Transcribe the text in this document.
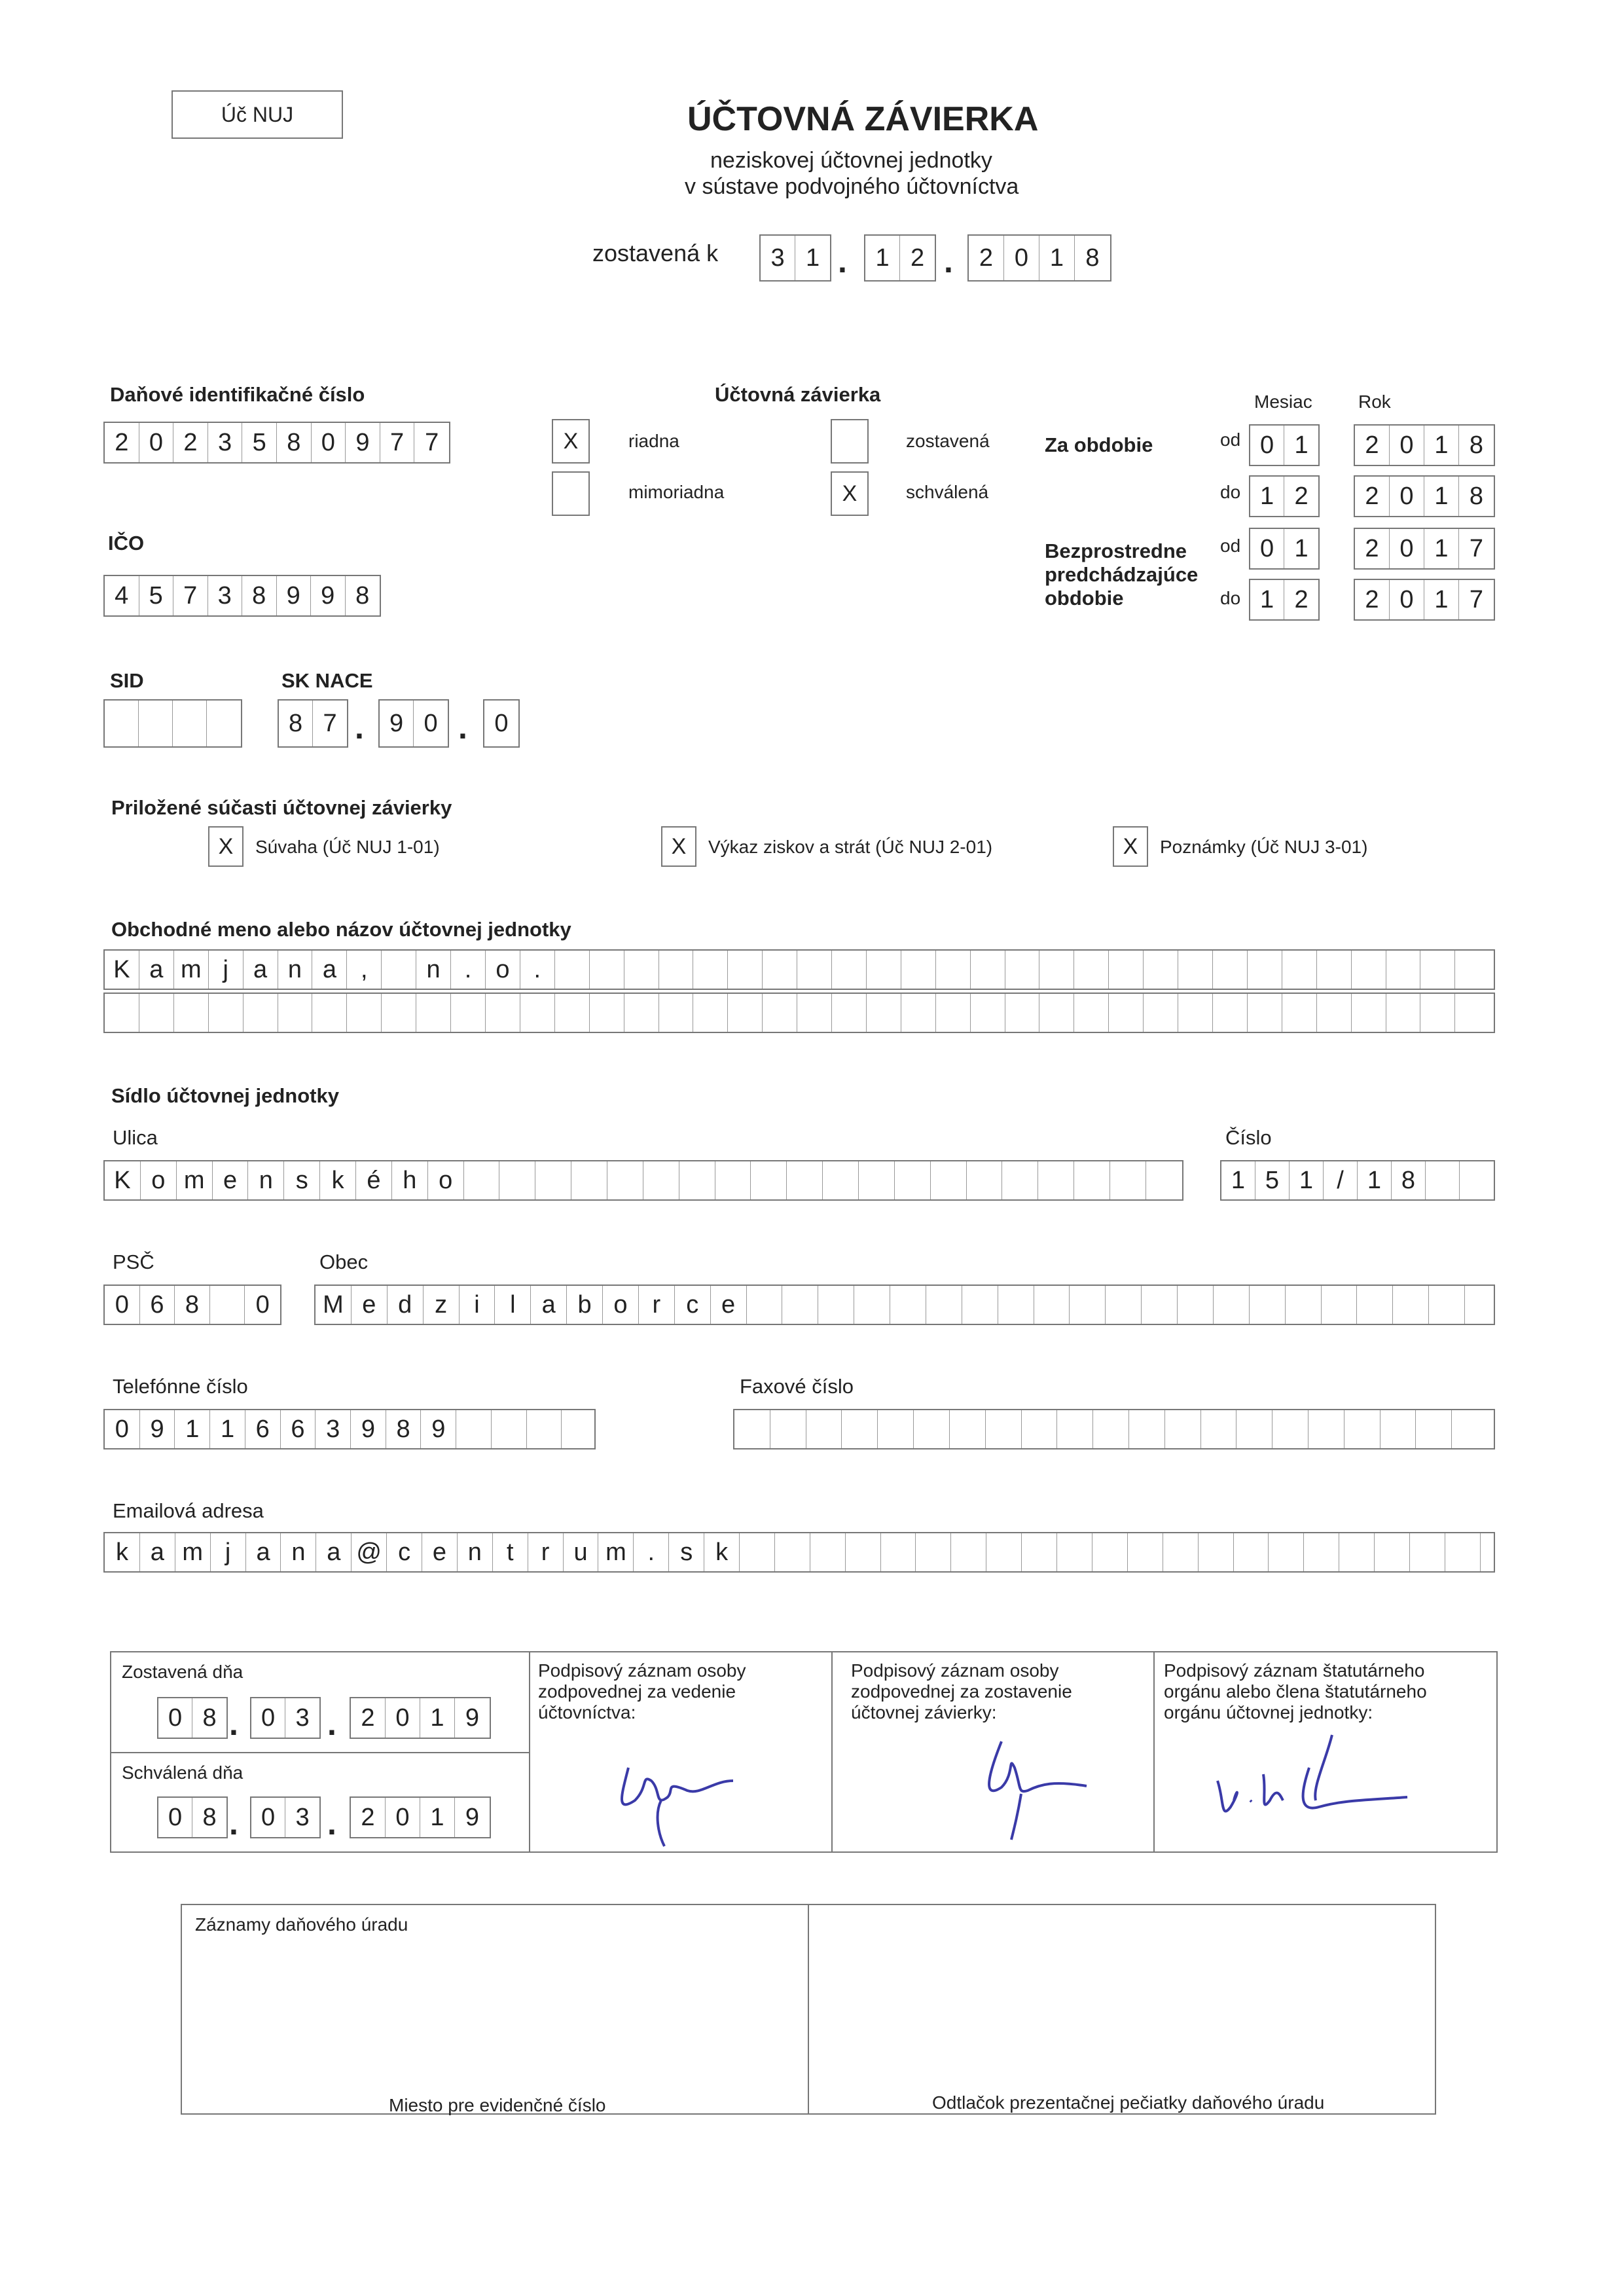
Úč NUJ	ÚČTOVNÁ ZÁVIERKA
neziskovej účtovnej jednotky
v sústave podvojného účtovníctva
zostavená k	3 1 .	1 2 .	2 0 1 8
Daňové identifikačné číslo
2 0 2 3 5 8 0 9 7 7
IČO
4 5 7 3 8 9 9 8
Účtovná závierka
X	riadna
mimoriadna
zostavená
X	schválená
Mesiac	Rok
Za obdobie
Bezprostredne
predchádzajúce
obdobie
od 0 1	2 0 1 8
do 1 2	2 0 1 8
od 0 1	2 0 1 7
do 1 2	2 0 1 7
SID	SK NACE
8 7 .	9 0 .	0
Priložené súčasti účtovnej závierky
X	Súvaha (Úč NUJ 1-01)	X	Výkaz ziskov a strát (Úč NUJ 2-01)	X	Poznámky (Úč NUJ 3-01)
Obchodné meno alebo názov účtovnej jednotky
K a m j	a n a ,	n . o .
Sídlo účtovnej jednotky
Ulica	Číslo
K o m e n s k é h o	1 5 1 / 1 8
PSČ	Obec
0 6 8	0	M e d z	i	l	a b o r	c e
Telefónne číslo	Faxové číslo
0 9 1 1 6 6 3 9 8 9
Emailová adresa
k a m j	a n a @ c e n	t	r u m .	s k
Zostavená dňa
0 8 . 0 3 . 2 0 1 9
Schválená dňa
0 8 . 0 3 . 2 0 1 9
Podpisový záznam osoby
zodpovednej za vedenie
účtovníctva:
Podpisový záznam osoby
zodpovednej za zostavenie
účtovnej závierky:
Podpisový záznam štatutárneho
orgánu alebo člena štatutárneho
orgánu účtovnej jednotky:
Záznamy daňového úradu
Miesto pre evidenčné číslo	Odtlačok prezentačnej pečiatky daňového úradu
